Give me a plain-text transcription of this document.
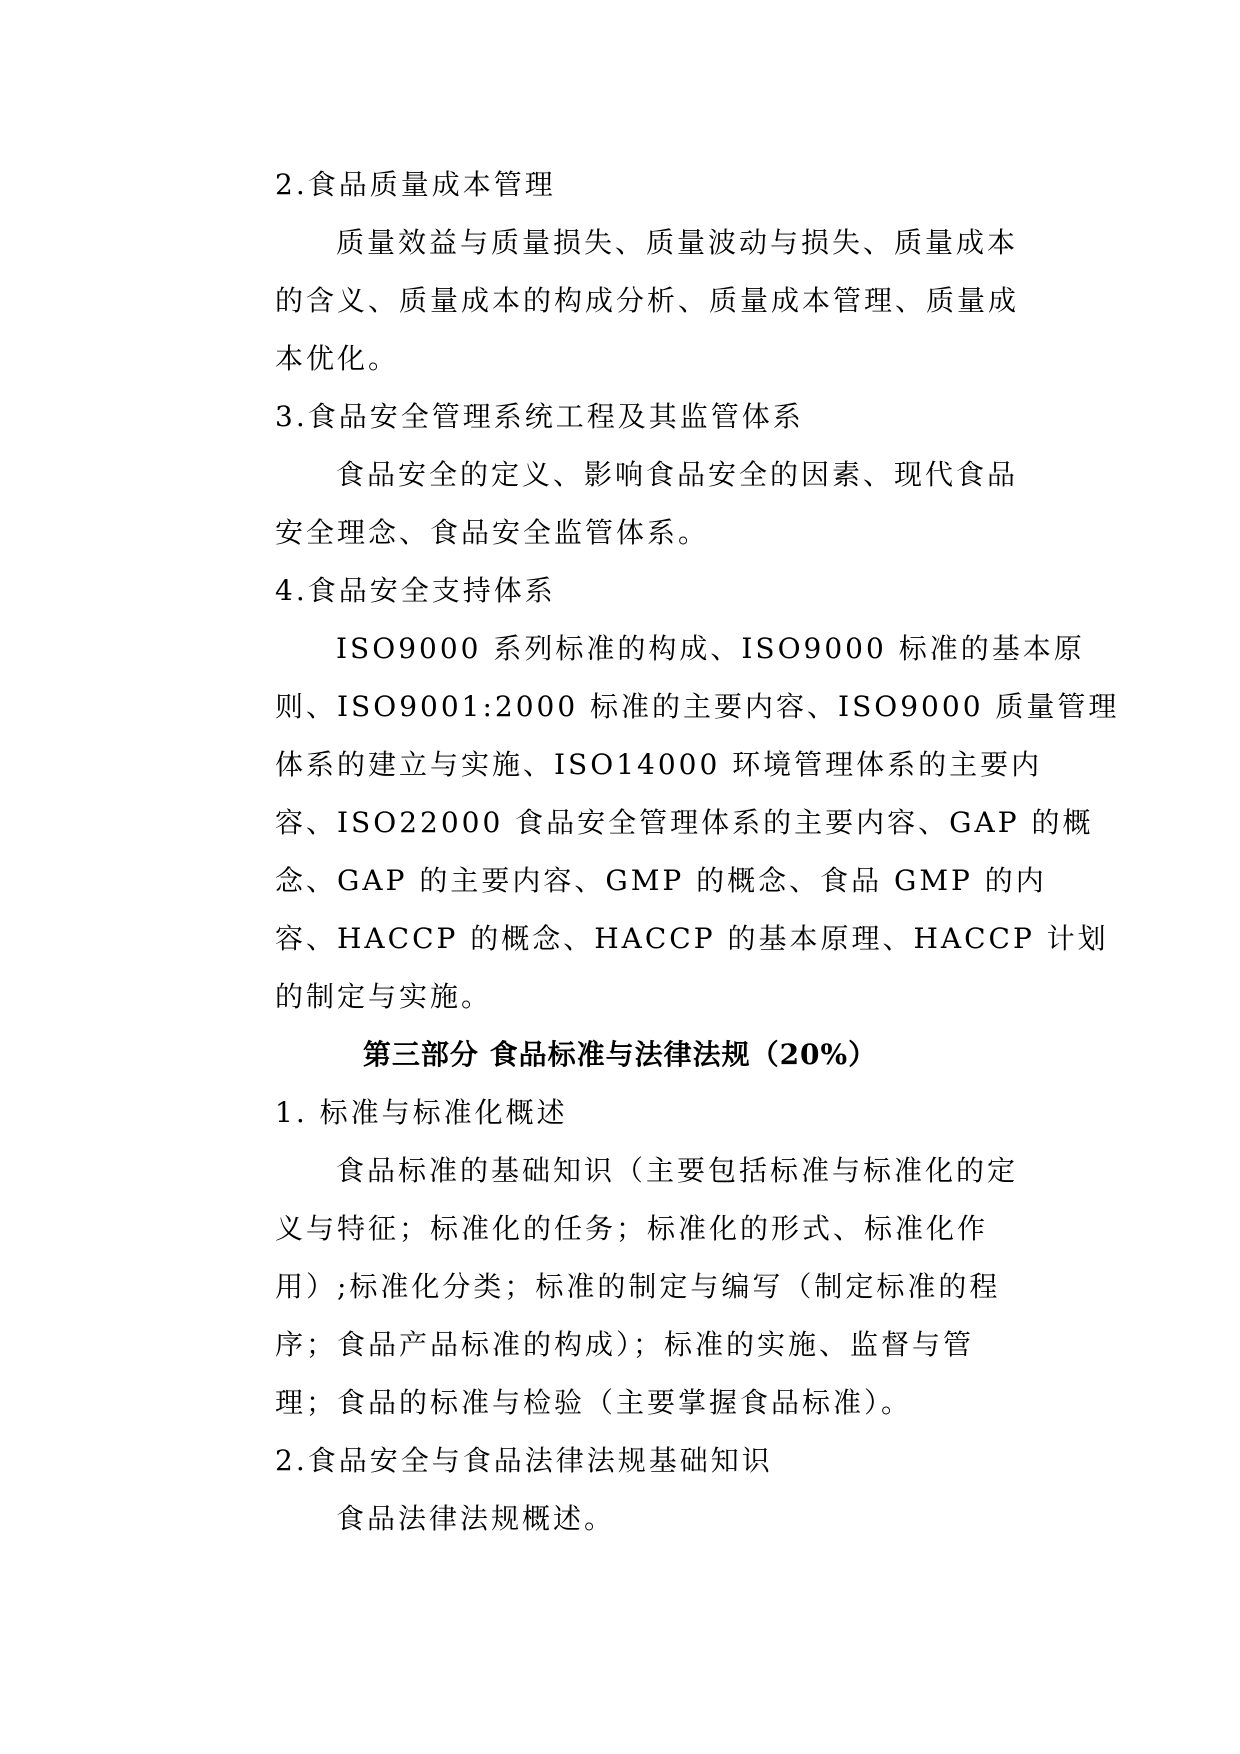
2.食品质量成本管理

质量效益与质量损失、质量波动与损失、质量成本

的含义、质量成本的构成分析、质量成本管理、质量成

本优化。

3.食品安全管理系统工程及其监管体系

食品安全的定义、影响食品安全的因素、现代食品

安全理念、食品安全监管体系。

4.食品安全支持体系

ISO9000 系列标准的构成、ISO9000 标准的基本原

则、ISO9001:2000 标准的主要内容、ISO9000 质量管理

体系的建立与实施、ISO14000 环境管理体系的主要内

容、ISO22000 食品安全管理体系的主要内容、GAP 的概

念、GAP 的主要内容、GMP 的概念、食品 GMP 的内

容、HACCP 的概念、HACCP 的基本原理、HACCP 计划

的制定与实施。

第三部分 食品标准与法律法规（20%）

1. 标准与标准化概述

食品标准的基础知识（主要包括标准与标准化的定

义与特征；标准化的任务；标准化的形式、标准化作

用）;标准化分类；标准的制定与编写（制定标准的程

序；食品产品标准的构成）；标准的实施、监督与管

理；食品的标准与检验（主要掌握食品标准）。

2.食品安全与食品法律法规基础知识

食品法律法规概述。
